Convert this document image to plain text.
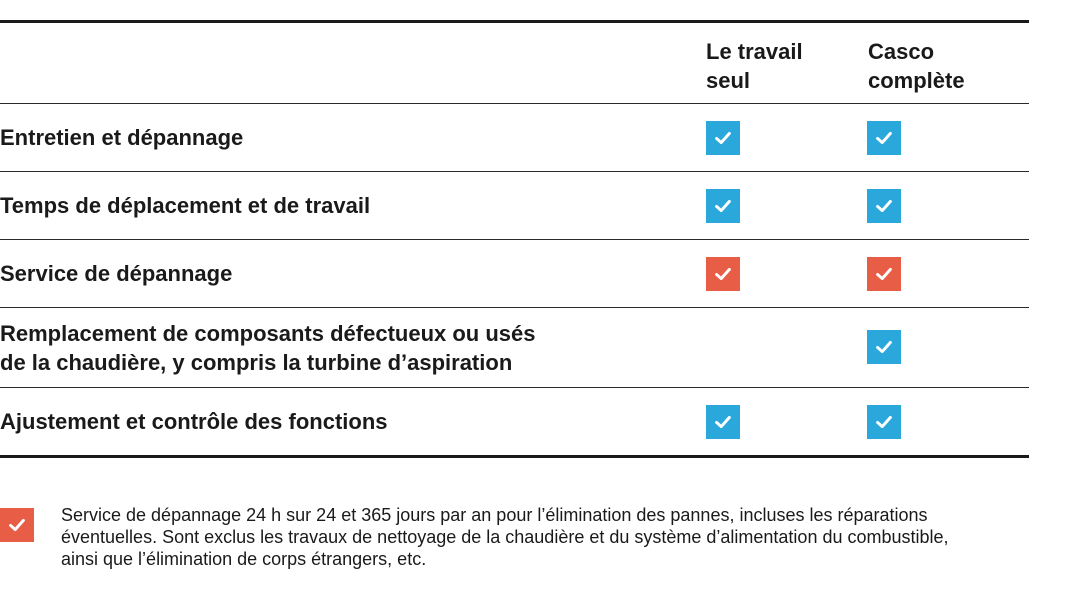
Le travail
seul
Casco
complète
Entretien et dépannage
Temps de déplacement et de travail
Service de dépannage
Remplacement de composants défectueux ou usés
de la chaudière, y compris la turbine d’aspiration
Ajustement et contrôle des fonctions
Service de dépannage 24 h sur 24 et 365 jours par an pour l’élimination des pannes, incluses les réparations éventuelles. Sont exclus les travaux de nettoyage de la chaudière et du système d’alimentation du combustible, ainsi que l’élimination de corps étrangers, etc.
